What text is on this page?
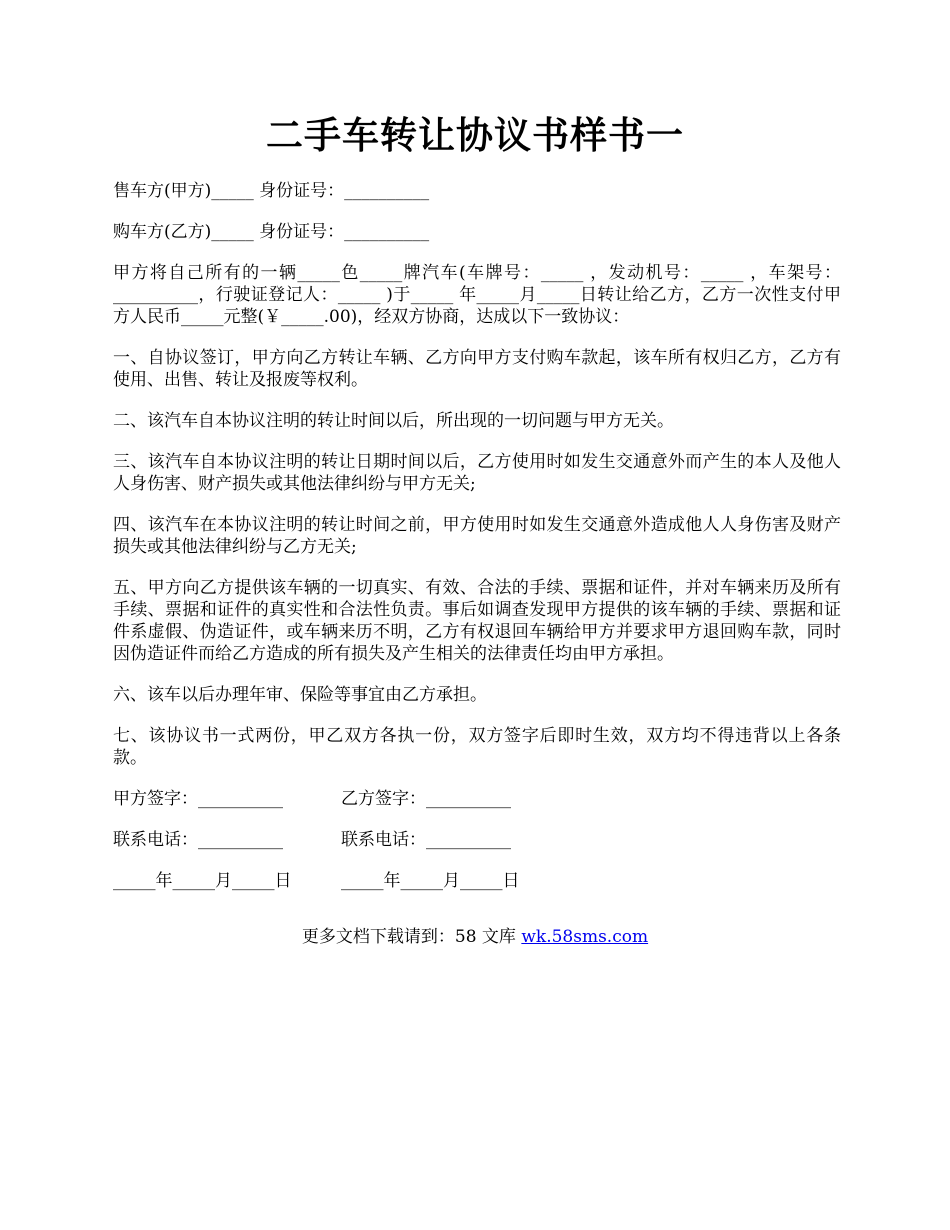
二手车转让协议书样书一

售车方(甲方)_____ 身份证号：__________

购车方(乙方)_____ 身份证号：__________

甲方将自己所有的一辆_____色_____牌汽车(车牌号：_____ ，发动机号：_____ ，车架号：__________，行驶证登记人：_____ )于_____ 年_____月_____日转让给乙方，乙方一次性支付甲方人民币_____元整(￥_____.00)，经双方协商，达成以下一致协议：

一、自协议签订，甲方向乙方转让车辆、乙方向甲方支付购车款起，该车所有权归乙方，乙方有使用、出售、转让及报废等权利。

二、该汽车自本协议注明的转让时间以后，所出现的一切问题与甲方无关。

三、该汽车自本协议注明的转让日期时间以后，乙方使用时如发生交通意外而产生的本人及他人人身伤害、财产损失或其他法律纠纷与甲方无关;

四、该汽车在本协议注明的转让时间之前，甲方使用时如发生交通意外造成他人人身伤害及财产损失或其他法律纠纷与乙方无关;

五、甲方向乙方提供该车辆的一切真实、有效、合法的手续、票据和证件，并对车辆来历及所有手续、票据和证件的真实性和合法性负责。事后如调查发现甲方提供的该车辆的手续、票据和证件系虚假、伪造证件，或车辆来历不明，乙方有权退回车辆给甲方并要求甲方退回购车款，同时因伪造证件而给乙方造成的所有损失及产生相关的法律责任均由甲方承担。

六、该车以后办理年审、保险等事宜由乙方承担。

七、该协议书一式两份，甲乙双方各执一份，双方签字后即时生效，双方均不得违背以上各条款。

甲方签字：__________	乙方签字：__________
联系电话：__________	联系电话：__________
_____年_____月_____日	_____年_____月_____日
更多文档下载请到：58 文库 wk.58sms.com
